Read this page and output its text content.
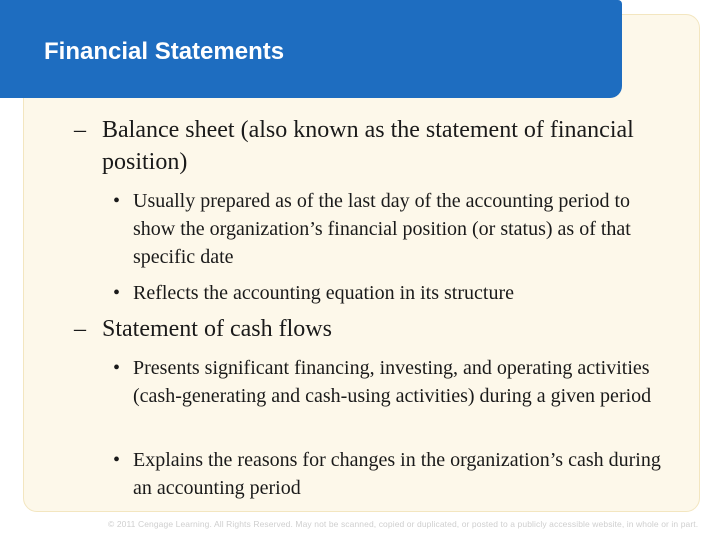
Financial Statements
– Balance sheet (also known as the statement of financial position)
• Usually prepared as of the last day of the accounting period to show the organization’s financial position (or status) as of that specific date
• Reflects the accounting equation in its structure
– Statement of cash flows
• Presents significant financing, investing, and operating activities (cash-generating and cash-using activities) during a given period
• Explains the reasons for changes in the organization’s cash during an accounting period
© 2011 Cengage Learning. All Rights Reserved. May not be scanned, copied or duplicated, or posted to a publicly accessible website, in whole or in part.
